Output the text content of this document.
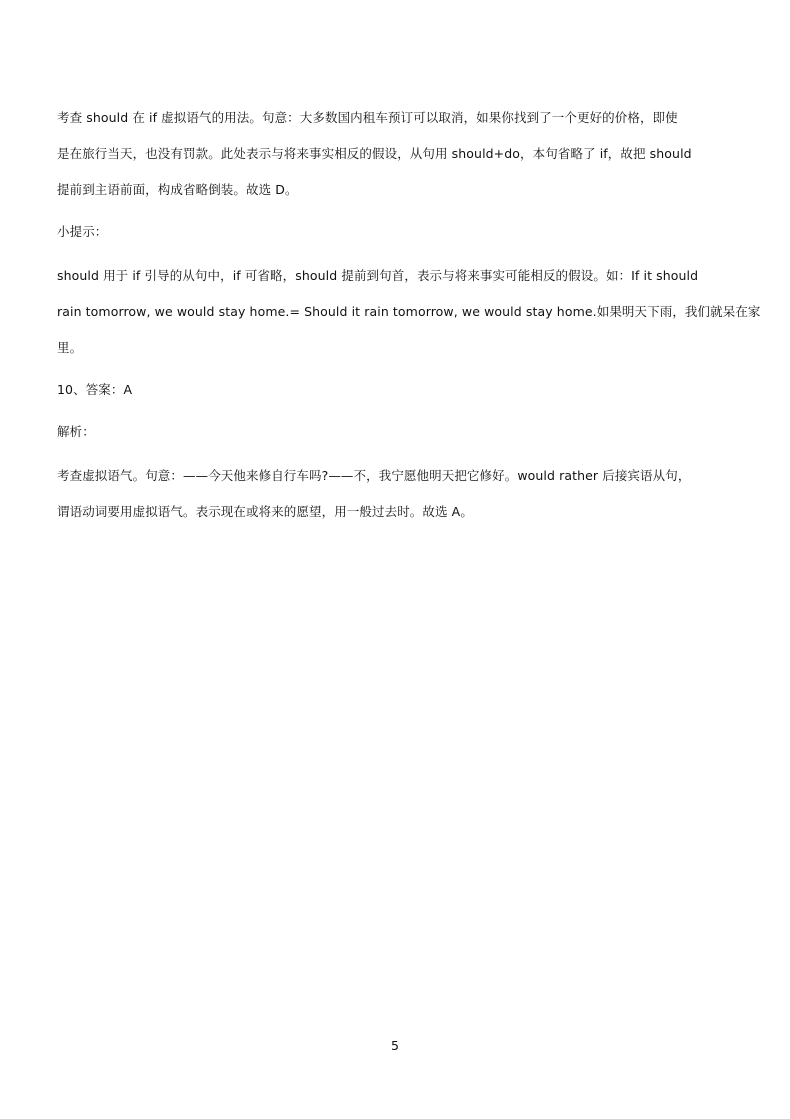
考查 should 在 if 虚拟语气的用法。句意：大多数国内租车预订可以取消，如果你找到了一个更好的价格，即使
是在旅行当天，也没有罚款。此处表示与将来事实相反的假设，从句用 should+do，本句省略了 if，故把 should
提前到主语前面，构成省略倒装。故选 D。
小提示：
should 用于 if 引导的从句中，if 可省略，should 提前到句首，表示与将来事实可能相反的假设。如：If it should
rain tomorrow, we would stay home.= Should it rain tomorrow, we would stay home.如果明天下雨，我们就呆在家
里。
10、答案：A
解析：
考查虚拟语气。句意：——今天他来修自行车吗?——不，我宁愿他明天把它修好。would rather 后接宾语从句，
谓语动词要用虚拟语气。表示现在或将来的愿望，用一般过去时。故选 A。
5
